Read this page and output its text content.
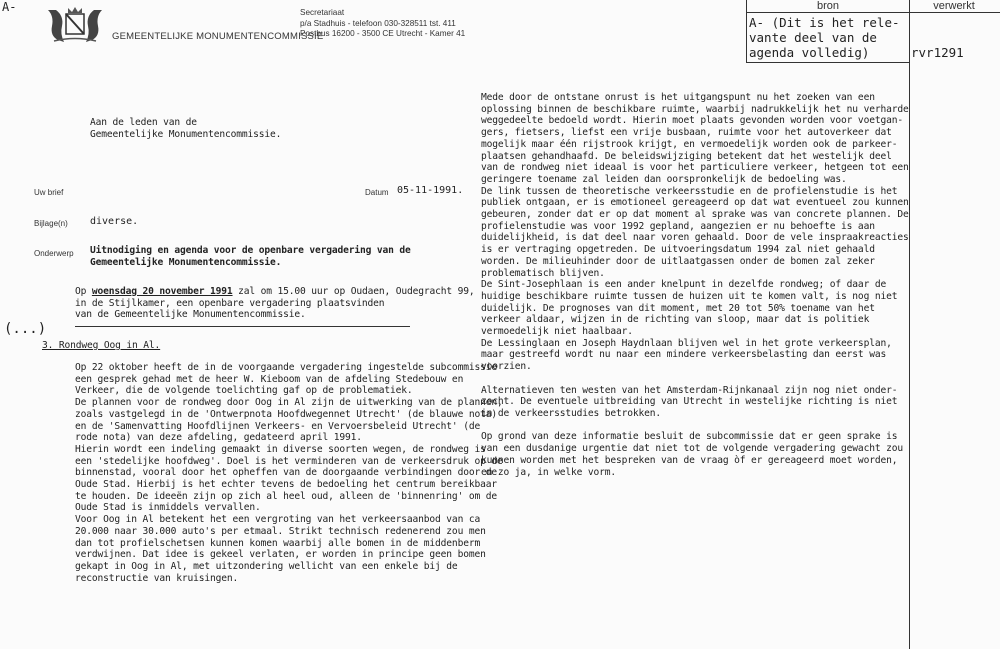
A-
GEMEENTELIJKE MONUMENTENCOMMISSIE
Secretariaat
p/a Stadhuis - telefoon 030-328511 tst. 411
Postbus 16200 - 3500 CE Utrecht - Kamer 41
bron	verwerkt
A- (Dit is het rele-
vante deel van de
agenda volledig)	rvr1291
Aan de leden van de
Gemeentelijke Monumentencommissie.
Uw brief	Datum 05-11-1991.
Bijlage(n) diverse.
Onderwerp Uitnodiging en agenda voor de openbare vergadering van de
Gemeentelijke Monumentencommissie.
Op woensdag 20 november 1991 zal om 15.00 uur op Oudaen, Oudegracht 99,
in de Stijlkamer, een openbare vergadering plaatsvinden
van de Gemeentelijke Monumentencommissie.
(...)
3. Rondweg Oog in Al.
Op 22 oktober heeft de in de voorgaande vergadering ingestelde subcommissie
een gesprek gehad met de heer W. Kieboom van de afdeling Stedebouw en
Verkeer, die de volgende toelichting gaf op de problematiek.
De plannen voor de rondweg door Oog in Al zijn de uitwerking van de plannen,
zoals vastgelegd in de 'Ontwerpnota Hoofdwegennet Utrecht' (de blauwe nota)
en de 'Samenvatting Hoofdlijnen Verkeers- en Vervoersbeleid Utrecht' (de
rode nota) van deze afdeling, gedateerd april 1991.
Hierin wordt een indeling gemaakt in diverse soorten wegen, de rondweg is
een 'stedelijke hoofdweg'. Doel is het verminderen van de verkeersdruk op de
binnenstad, vooral door het opheffen van de doorgaande verbindingen door de
Oude Stad. Hierbij is het echter tevens de bedoeling het centrum bereikbaar
te houden. De ideeën zijn op zich al heel oud, alleen de 'binnenring' om de
Oude Stad is inmiddels vervallen.
Voor Oog in Al betekent het een vergroting van het verkeersaanbod van ca
20.000 naar 30.000 auto's per etmaal. Strikt technisch redenerend zou men
dan tot profielschetsen kunnen komen waarbij alle bomen in de middenberm
verdwijnen. Dat idee is gekeel verlaten, er worden in principe geen bomen
gekapt in Oog in Al, met uitzondering wellicht van een enkele bij de
reconstructie van kruisingen.
Mede door de ontstane onrust is het uitgangspunt nu het zoeken van een
oplossing binnen de beschikbare ruimte, waarbij nadrukkelijk het nu verharde
weggedeelte bedoeld wordt. Hierin moet plaats gevonden worden voor voetgan-
gers, fietsers, liefst een vrije busbaan, ruimte voor het autoverkeer dat
mogelijk maar één rijstrook krijgt, en vermoedelijk worden ook de parkeer-
plaatsen gehandhaafd. De beleidswijziging betekent dat het westelijk deel
van de rondweg niet ideaal is voor het particuliere verkeer, hetgeen tot een
geringere toename zal leiden dan oorspronkelijk de bedoeling was.
De link tussen de theoretische verkeersstudie en de profielenstudie is het
publiek ontgaan, er is emotioneel gereageerd op dat wat eventueel zou kunnen
gebeuren, zonder dat er op dat moment al sprake was van concrete plannen. De
profielenstudie was voor 1992 gepland, aangezien er nu behoefte is aan
duidelijkheid, is dat deel naar voren gehaald. Door de vele inspraakreacties
is er vertraging opgetreden. De uitvoeringsdatum 1994 zal niet gehaald
worden. De milieuhinder door de uitlaatgassen onder de bomen zal zeker
problematisch blijven.
De Sint-Josephlaan is een ander knelpunt in dezelfde rondweg; of daar de
huidige beschikbare ruimte tussen de huizen uit te komen valt, is nog niet
duidelijk. De prognoses van dit moment, met 20 tot 50% toename van het
verkeer aldaar, wijzen in de richting van sloop, maar dat is politiek
vermoedelijk niet haalbaar.
De Lessinglaan en Joseph Haydnlaan blijven wel in het grote verkeersplan,
maar gestreefd wordt nu naar een mindere verkeersbelasting dan eerst was
voorzien.

Alternatieven ten westen van het Amsterdam-Rijnkanaal zijn nog niet onder-
zocht. De eventuele uitbreiding van Utrecht in westelijke richting is niet
in de verkeersstudies betrokken.

Op grond van deze informatie besluit de subcommissie dat er geen sprake is
van een dusdanige urgentie dat niet tot de volgende vergadering gewacht zou
kunnen worden met het bespreken van de vraag òf er gereageerd moet worden,
en zo ja, in welke vorm.
